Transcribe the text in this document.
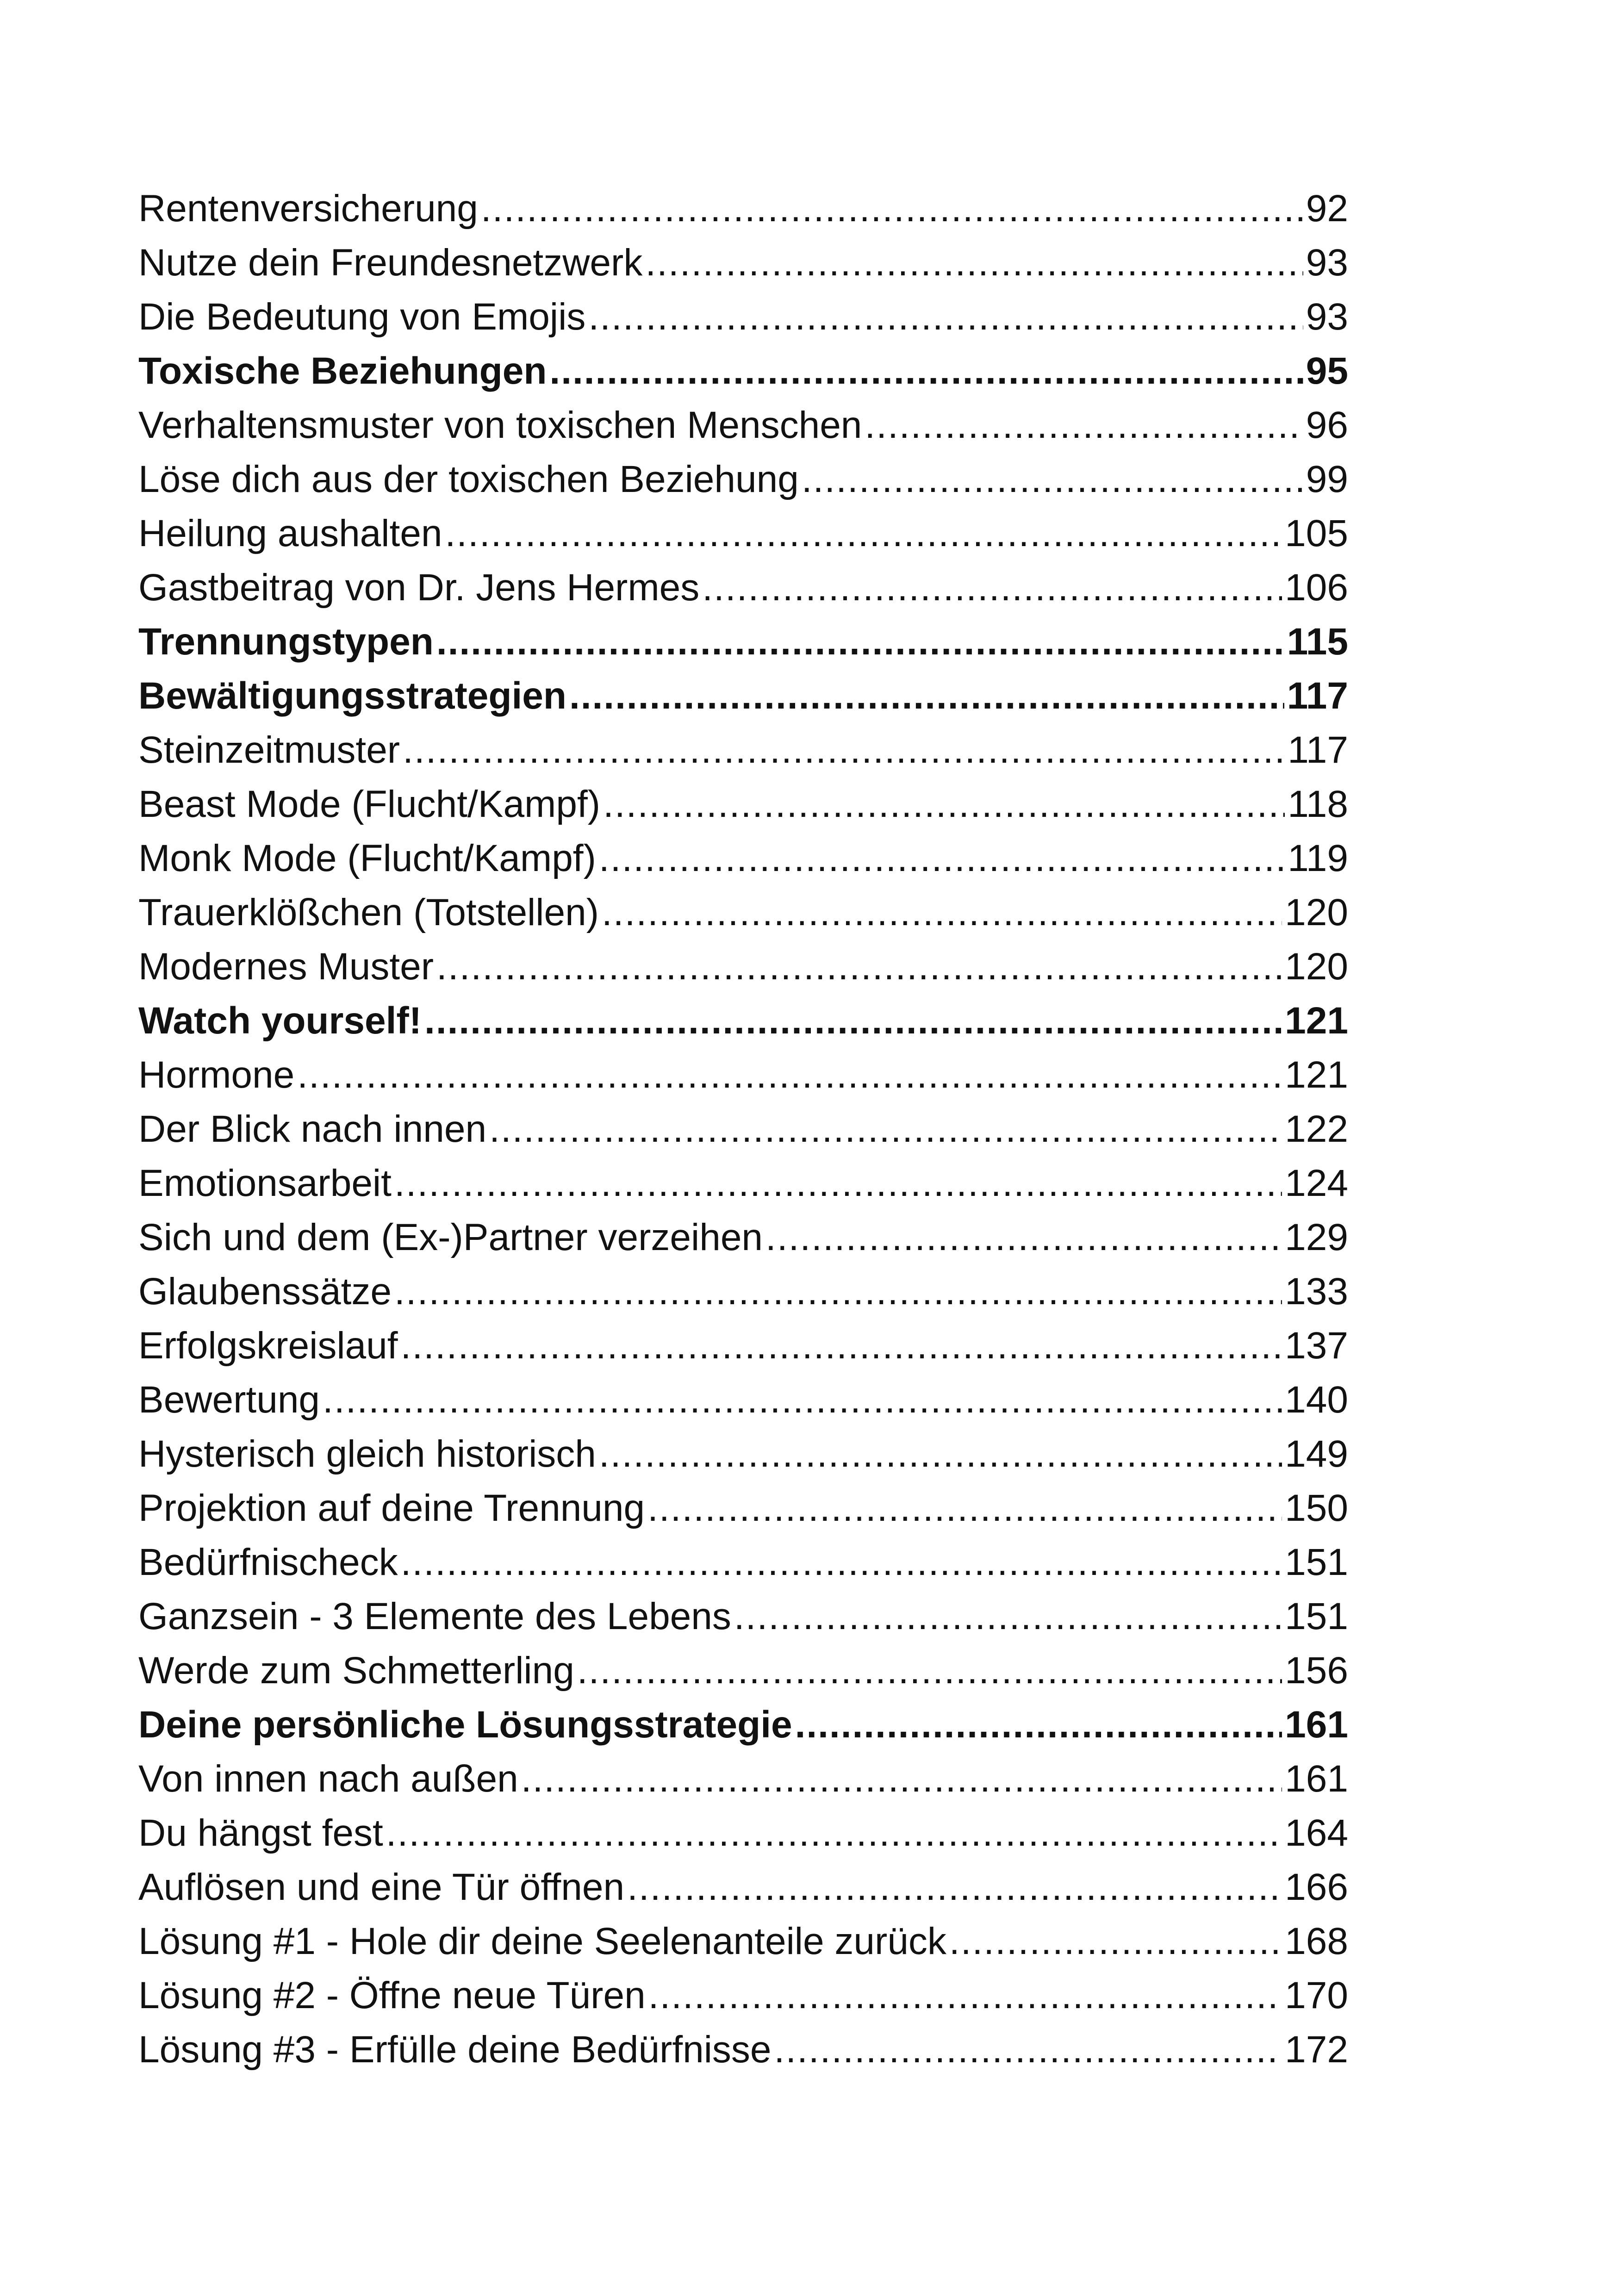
Rentenversicherung .....	92
Nutze dein Freundesnetzwerk .....	93
Die Bedeutung von Emojis .....	93
Toxische Beziehungen .....	95
Verhaltensmuster von toxischen Menschen .....	96
Löse dich aus der toxischen Beziehung .....	99
Heilung aushalten .....	105
Gastbeitrag von Dr. Jens Hermes .....	106
Trennungstypen .....	115
Bewältigungsstrategien .....	117
Steinzeitmuster .....	117
Beast Mode (Flucht/Kampf) .....	118
Monk Mode (Flucht/Kampf) .....	119
Trauerklößchen (Totstellen) .....	120
Modernes Muster .....	120
Watch yourself! .....	121
Hormone .....	121
Der Blick nach innen .....	122
Emotionsarbeit .....	124
Sich und dem (Ex-)Partner verzeihen .....	129
Glaubenssätze .....	133
Erfolgskreislauf .....	137
Bewertung .....	140
Hysterisch gleich historisch .....	149
Projektion auf deine Trennung .....	150
Bedürfnischeck .....	151
Ganzsein - 3 Elemente des Lebens .....	151
Werde zum Schmetterling .....	156
Deine persönliche Lösungsstrategie .....	161
Von innen nach außen .....	161
Du hängst fest .....	164
Auflösen und eine Tür öffnen .....	166
Lösung #1 - Hole dir deine Seelenanteile zurück .....	168
Lösung #2 - Öffne neue Türen .....	170
Lösung #3 - Erfülle deine Bedürfnisse .....	172
